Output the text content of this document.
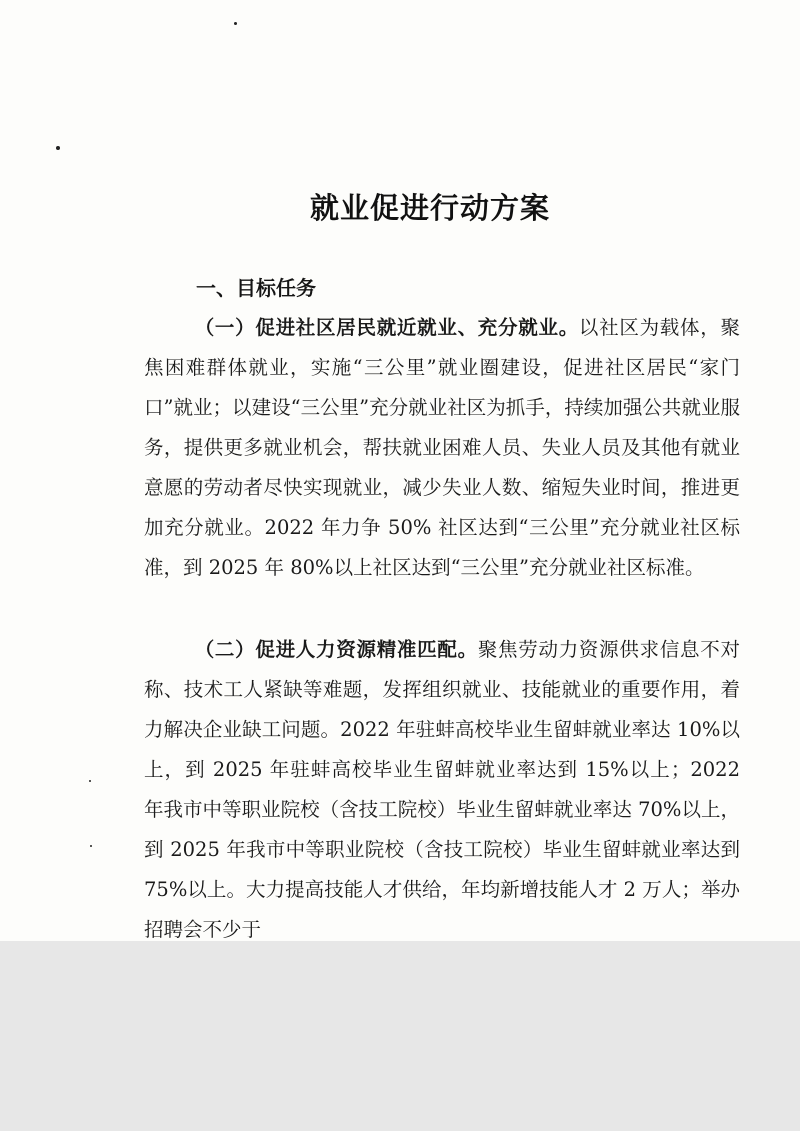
就业促进行动方案
一、目标任务

（一）促进社区居民就近就业、充分就业。以社区为载体，聚焦困难群体就业，实施“三公里”就业圈建设，促进社区居民“家门口”就业；以建设“三公里”充分就业社区为抓手，持续加强公共就业服务，提供更多就业机会，帮扶就业困难人员、失业人员及其他有就业意愿的劳动者尽快实现就业，减少失业人数、缩短失业时间，推进更加充分就业。2022 年力争 50% 社区达到“三公里”充分就业社区标准，到 2025 年 80%以上社区达到“三公里”充分就业社区标准。

（二）促进人力资源精准匹配。聚焦劳动力资源供求信息不对称、技术工人紧缺等难题，发挥组织就业、技能就业的重要作用，着力解决企业缺工问题。2022 年驻蚌高校毕业生留蚌就业率达 10%以上，到 2025 年驻蚌高校毕业生留蚌就业率达到 15%以上；2022 年我市中等职业院校（含技工院校）毕业生留蚌就业率达 70%以上，到 2025 年我市中等职业院校（含技工院校）毕业生留蚌就业率达到 75%以上。大力提高技能人才供给，年均新增技能人才 2 万人；举办招聘会不少于
